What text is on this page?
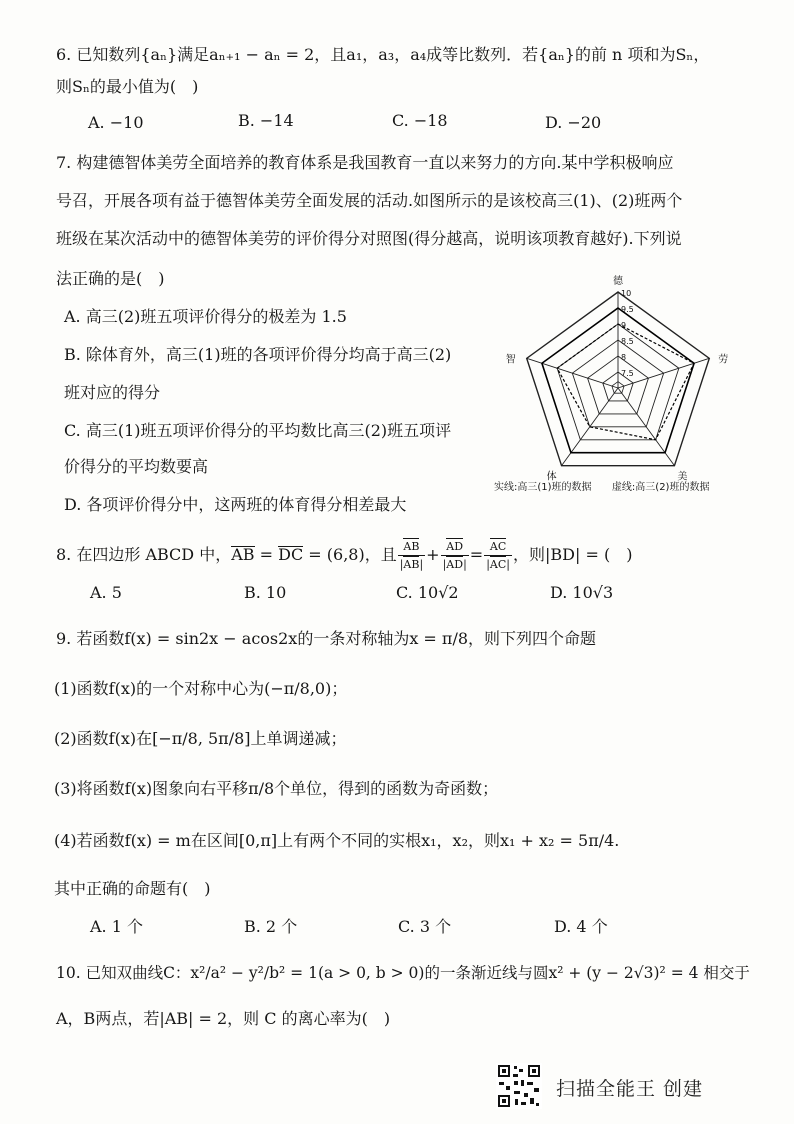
6. 已知数列{aₙ}满足aₙ₊₁ − aₙ = 2，且a₁，a₃，a₄成等比数列．若{aₙ}的前 n 项和为Sₙ，
则Sₙ的最小值为(　)
A. −10	B. −14	C. −18	D. −20
7. 构建德智体美劳全面培养的教育体系是我国教育一直以来努力的方向.某中学积极响应
号召，开展各项有益于德智体美劳全面发展的活动.如图所示的是该校高三(1)、(2)班两个
班级在某次活动中的德智体美劳的评价得分对照图(得分越高，说明该项教育越好).下列说
法正确的是(　)
A. 高三(2)班五项评价得分的极差为 1.5
B. 除体育外，高三(1)班的各项评价得分均高于高三(2)
班对应的得分
C. 高三(1)班五项评价得分的平均数比高三(2)班五项评
价得分的平均数要高
D. 各项评价得分中，这两班的体育得分相差最大
7.5
8
8.5
9
9.5
10
德
劳
美
体
智
实线:高三(1)班的数据 虚线:高三(2)班的数据
8. 在四边形 ABCD 中，AB = DC = (6,8)，且 $\frac{AB}{|AB|} + \frac{AD}{|AD|} = \frac{AC}{|AC|}$ ，则|BD| = (　)
A. 5	B. 10	C. 10√2	D. 10√3
9. 若函数f(x) = sin2x − acos2x的一条对称轴为x = π/8，则下列四个命题
(1)函数f(x)的一个对称中心为(−π/8,0)；
(2)函数f(x)在[−π/8, 5π/8]上单调递减；
(3)将函数f(x)图象向右平移π/8个单位，得到的函数为奇函数；
(4)若函数f(x) = m在区间[0,π]上有两个不同的实根x₁，x₂，则x₁ + x₂ = 5π/4.
其中正确的命题有(　)
A. 1 个	B. 2 个	C. 3 个	D. 4 个
10. 已知双曲线C：x²/a² − y²/b² = 1(a > 0, b > 0)的一条渐近线与圆x² + (y − 2√3)² = 4 相交于
A，B两点，若|AB| = 2，则 C 的离心率为(　)
扫描全能王 创建
